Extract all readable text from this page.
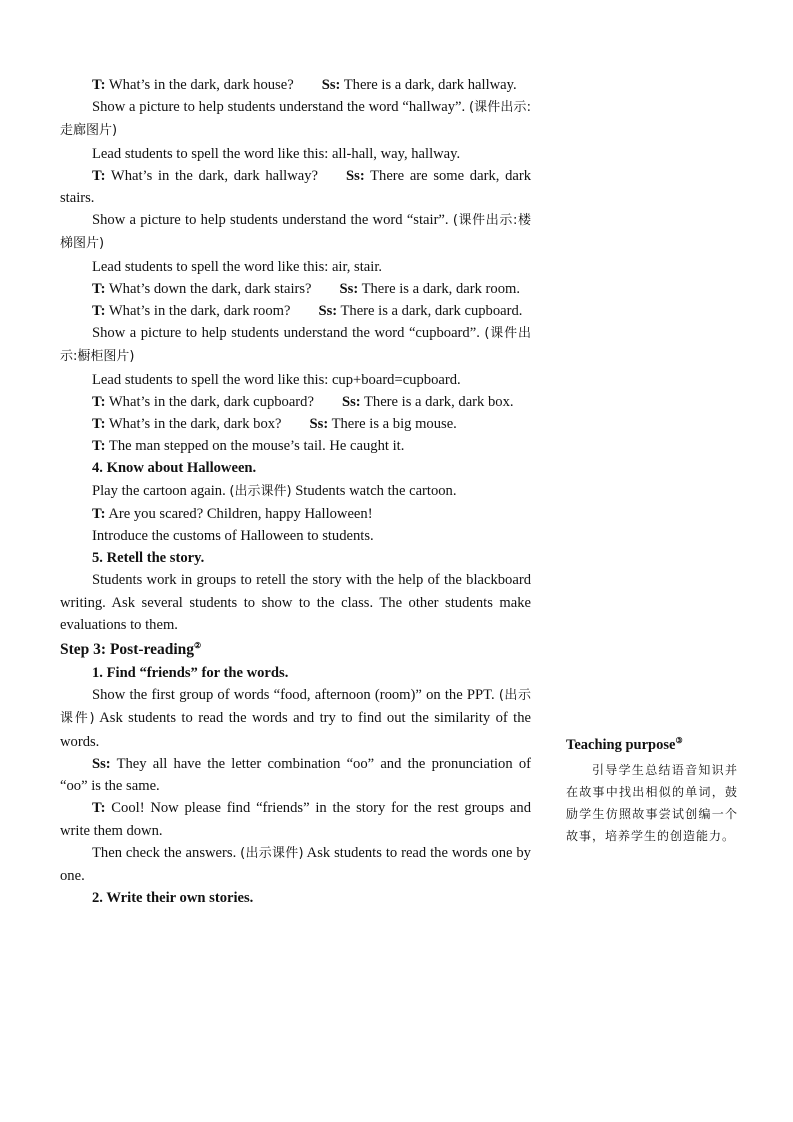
T: What’s in the dark, dark house? Ss: There is a dark, dark hallway.

Show a picture to help students understand the word “hallway”. (课件出示:走廊图片)

Lead students to spell the word like this: all-hall, way, hallway.

T: What’s in the dark, dark hallway? Ss: There are some dark, dark stairs.

Show a picture to help students understand the word “stair”. (课件出示:楼梯图片)

Lead students to spell the word like this: air, stair.

T: What’s down the dark, dark stairs? Ss: There is a dark, dark room.

T: What’s in the dark, dark room? Ss: There is a dark, dark cupboard.

Show a picture to help students understand the word “cupboard”. (课件出示:橱柜图片)

Lead students to spell the word like this: cup+board=cupboard.

T: What’s in the dark, dark cupboard? Ss: There is a dark, dark box.

T: What’s in the dark, dark box? Ss: There is a big mouse.

T: The man stepped on the mouse’s tail. He caught it.

4. Know about Halloween.

Play the cartoon again. (出示课件) Students watch the cartoon.

T: Are you scared? Children, happy Halloween!

Introduce the customs of Halloween to students.

5. Retell the story.

Students work in groups to retell the story with the help of the blackboard writing. Ask several students to show to the class. The other students make evaluations to them.

Step 3: Post-reading②

1. Find “friends” for the words.

Show the first group of words “food, afternoon (room)” on the PPT. (出示课件) Ask students to read the words and try to find out the similarity of the words.

Ss: They all have the letter combination “oo” and the pronunciation of “oo” is the same.

T: Cool! Now please find “friends” in the story for the rest groups and write them down.

Then check the answers. (出示课件) Ask students to read the words one by one.

2. Write their own stories.

Teaching purpose③

引导学生总结语音知识并在故事中找出相似的单词，鼓励学生仿照故事尝试创编一个故事，培养学生的创造能力。
